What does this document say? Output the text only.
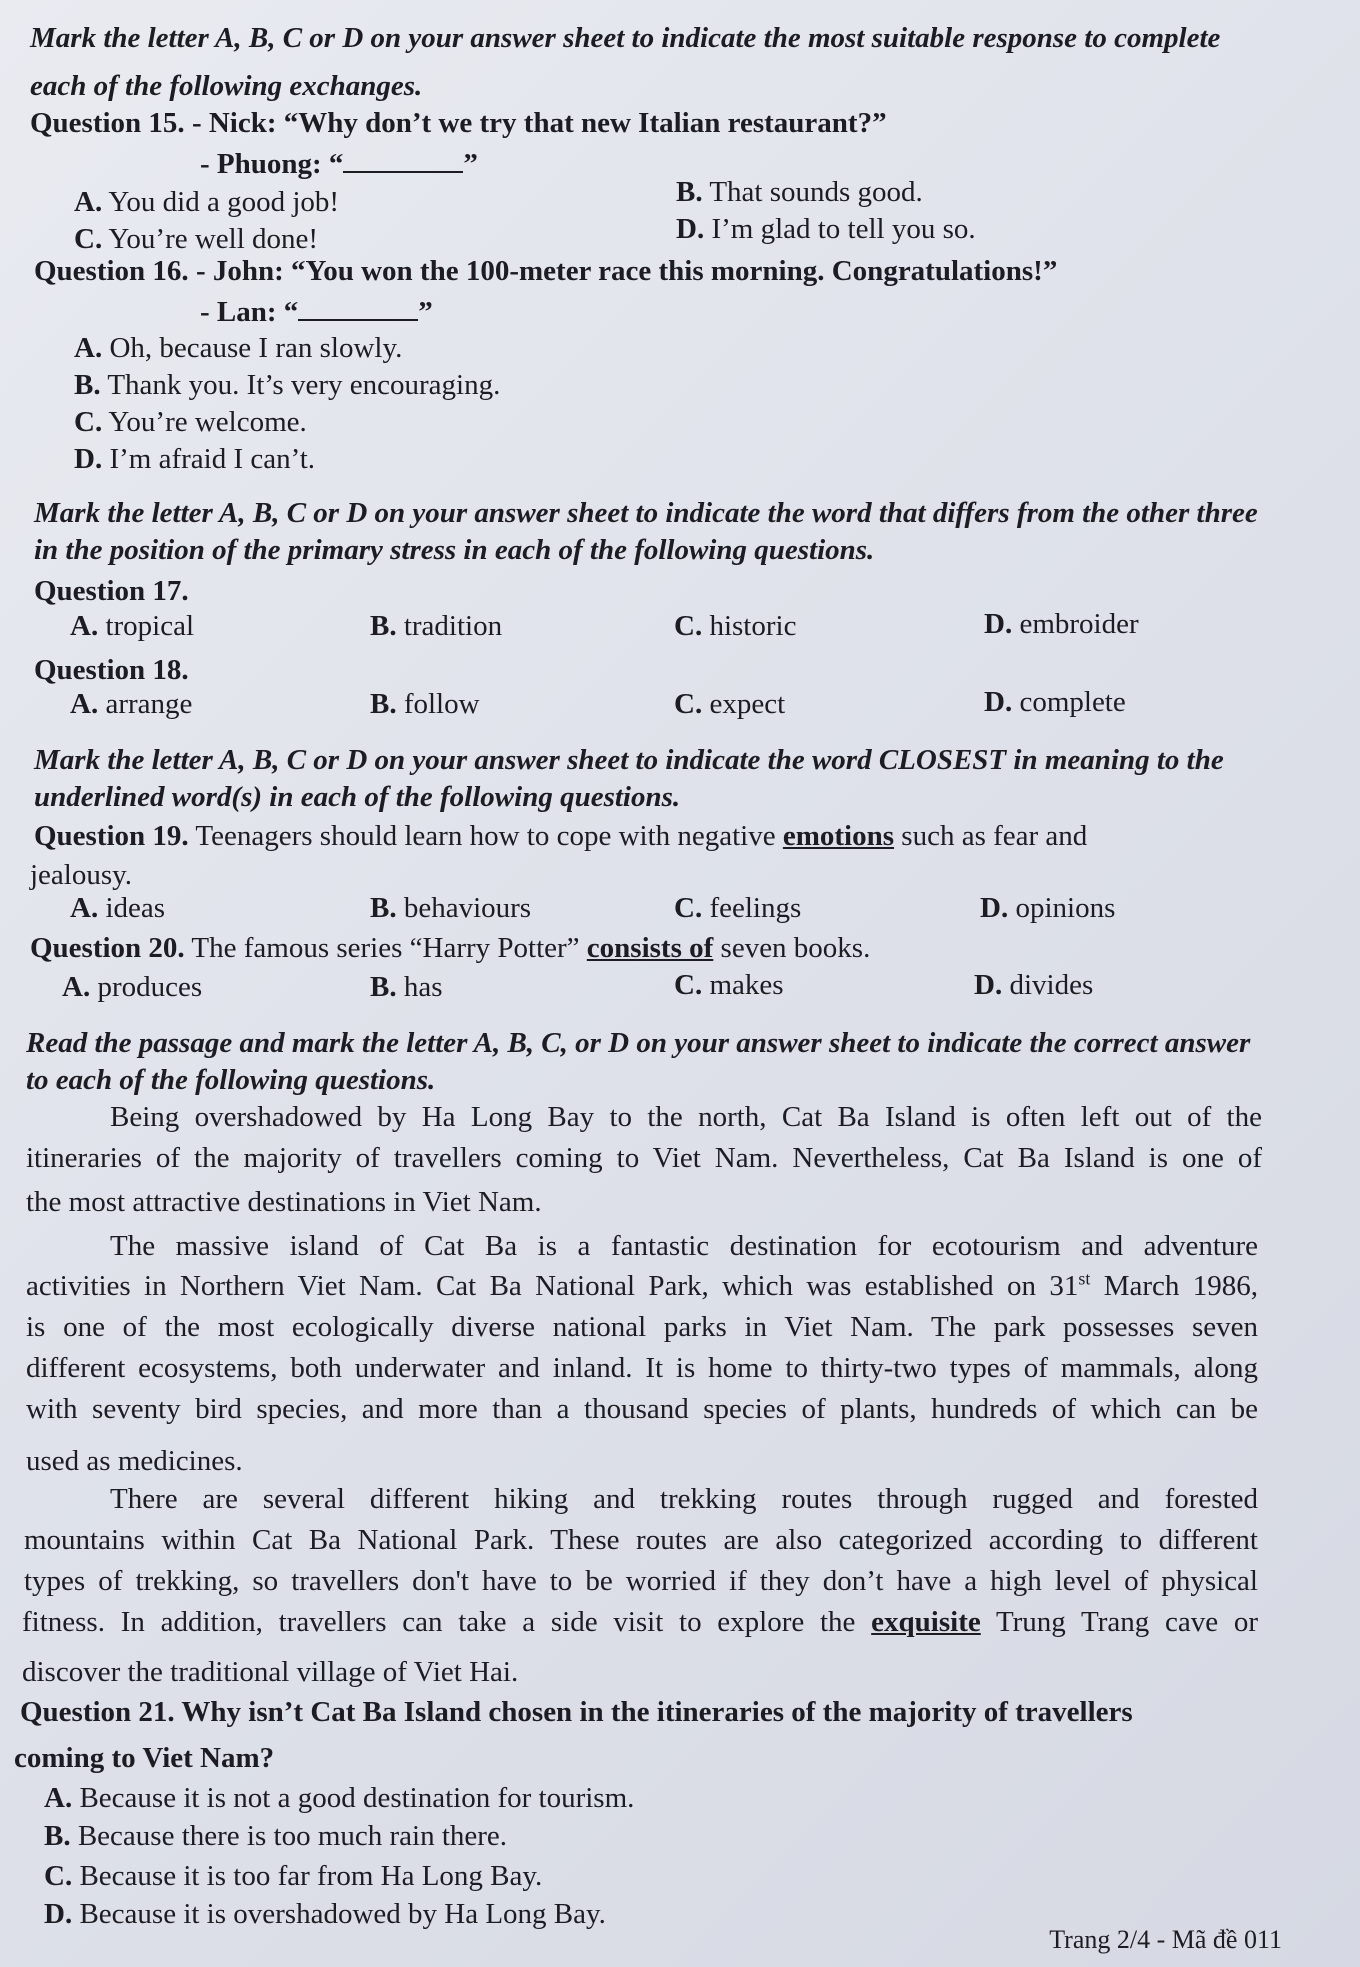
Mark the letter A, B, C or D on your answer sheet to indicate the most suitable response to complete
each of the following exchanges.
Question 15. - Nick: “Why don’t we try that new Italian restaurant?”
- Phuong: “	”
A. You did a good job!	B. That sounds good.
C. You’re well done!	D. I’m glad to tell you so.
Question 16. - John: “You won the 100-meter race this morning. Congratulations!”
- Lan: “	”
A. Oh, because I ran slowly.
B. Thank you. It’s very encouraging.
C. You’re welcome.
D. I’m afraid I can’t.
Mark the letter A, B, C or D on your answer sheet to indicate the word that differs from the other three
in the position of the primary stress in each of the following questions.
Question 17.
A. tropical	B. tradition	C. historic	D. embroider
Question 18.
A. arrange	B. follow	C. expect	D. complete
Mark the letter A, B, C or D on your answer sheet to indicate the word CLOSEST in meaning to the
underlined word(s) in each of the following questions.
Question 19. Teenagers should learn how to cope with negative emotions such as fear and
jealousy.
A. ideas	B. behaviours	C. feelings	D. opinions
Question 20. The famous series “Harry Potter” consists of seven books.
A. produces	B. has	C. makes	D. divides
Read the passage and mark the letter A, B, C, or D on your answer sheet to indicate the correct answer
to each of the following questions.
Being overshadowed by Ha Long Bay to the north, Cat Ba Island is often left out of the
itineraries of the majority of travellers coming to Viet Nam. Nevertheless, Cat Ba Island is one of
the most attractive destinations in Viet Nam.
The massive island of Cat Ba is a fantastic destination for ecotourism and adventure
activities in Northern Viet Nam. Cat Ba National Park, which was established on 31st March 1986,
is one of the most ecologically diverse national parks in Viet Nam. The park possesses seven
different ecosystems, both underwater and inland. It is home to thirty-two types of mammals, along
with seventy bird species, and more than a thousand species of plants, hundreds of which can be
used as medicines.
There are several different hiking and trekking routes through rugged and forested
mountains within Cat Ba National Park. These routes are also categorized according to different
types of trekking, so travellers don't have to be worried if they don’t have a high level of physical
fitness. In addition, travellers can take a side visit to explore the exquisite Trung Trang cave or
discover the traditional village of Viet Hai.
Question 21. Why isn’t Cat Ba Island chosen in the itineraries of the majority of travellers
coming to Viet Nam?
A. Because it is not a good destination for tourism.
B. Because there is too much rain there.
C. Because it is too far from Ha Long Bay.
D. Because it is overshadowed by Ha Long Bay.
Trang 2/4 - Mã đề 011
